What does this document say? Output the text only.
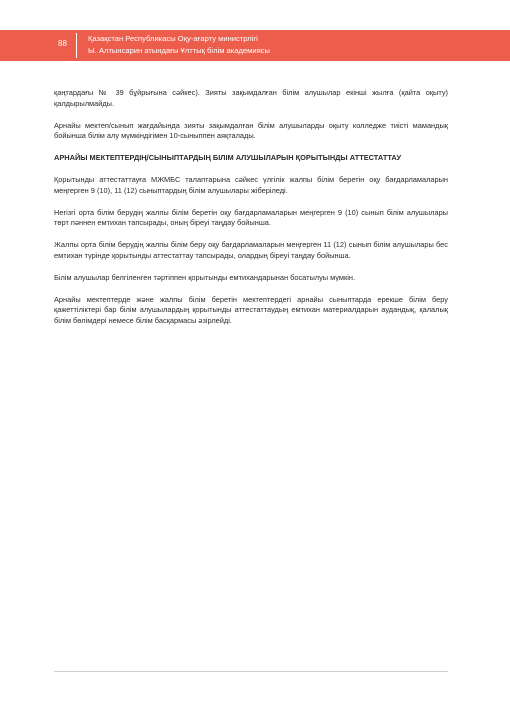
88
Қазақстан Республикасы Оқу-ағарту министрлігі
Ы. Алтынсарин атындағы Ұлттық білім академиясы

қаңтардағы № 39 бұйрығына сәйкес). Зияты зақымдалған білім алушылар екінші жылға (қайта оқыту) қалдырылмайды.

Арнайы мектеп/сынып жағдайында зияты зақымдалған білім алушыларды оқыту колледже тиісті мамандық бойынша білім алу мүмкіндігімен 10-сыныппен аяқталады.

АРНАЙЫ МЕКТЕПТЕРДІҢ/СЫНЫПТАРДЫҢ БІЛІМ АЛУШЫЛАРЫН ҚОРЫТЫНДЫ АТТЕСТАТТАУ

Қорытынды аттестаттауға МЖМБС талаптарына сәйкес үлгілік жалпы білім беретін оқу бағдарламаларын меңгерген 9 (10), 11 (12) сыныптардың білім алушылары жіберіледі.

Негізгі орта білім берудің жалпы білім беретін оқу бағдарламаларын меңгерген 9 (10) сынып білім алушылары төрт пәннен емтихан тапсырады, оның біреуі таңдау бойынша.

Жалпы орта білім берудің жалпы білім беру оқу бағдарламаларын меңгерген 11 (12) сынып білім алушылары бес емтихан түрінде қорытынды аттестаттау тапсырады, олардың біреуі таңдау бойынша.

Білім алушылар белгіленген тәртіппен қорытынды емтихандарынан босатылуы мүмкін.

Арнайы мектептерде және жалпы білім беретін мектептердегі арнайы сыныптарда ерекше білім беру қажеттіліктері бар білім алушылардың қорытынды аттестаттаудың емтихан материалдарын аудандық, қалалық білім бөлімдері немесе білім басқармасы әзірлейді.
